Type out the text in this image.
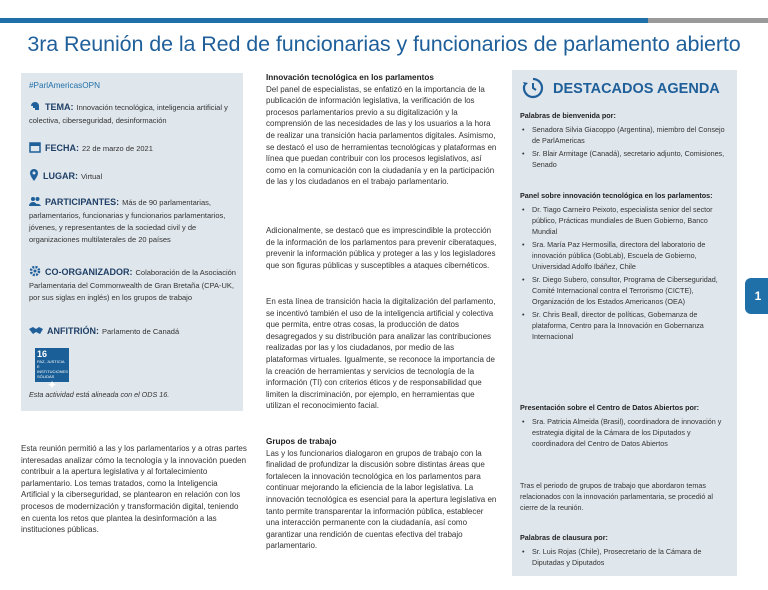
3ra Reunión de la Red de funcionarias y funcionarios de parlamento abierto
#ParlAmericasOPN
TEMA: Innovación tecnológica, inteligencia artificial y colectiva, ciberseguridad, desinformación
FECHA: 22 de marzo de 2021
LUGAR: Virtual
PARTICIPANTES: Más de 90 parlamentarias, parlamentarios, funcionarias y funcionarios parlamentarios, jóvenes, y representantes de la sociedad civil y de organizaciones multilaterales de 20 países
CO-ORGANIZADOR: Colaboración de la Asociación Parlamentaria del Commonwealth de Gran Bretaña (CPA-UK, por sus siglas en inglés) en los grupos de trabajo
ANFITRIÓN: Parlamento de Canadá
16
PAZ, JUSTICIA E INSTITUCIONES SÓLIDAS
✦
Esta actividad está alineada con el ODS 16.
Esta reunión permitió a las y los parlamentarios y a otras partes interesadas analizar cómo la tecnología y la innovación pueden contribuir a la apertura legislativa y al fortalecimiento parlamentario. Los temas tratados, como la Inteligencia Artificial y la ciberseguridad, se plantearon en relación con los procesos de modernización y transformación digital, teniendo en cuenta los retos que plantea la desinformación a las instituciones públicas.
Innovación tecnológica en los parlamentos

Del panel de especialistas, se enfatizó en la importancia de la publicación de información legislativa, la verificación de los procesos parlamentarios previo a su digitalización y la comprensión de las necesidades de las y los usuarios a la hora de realizar una transición hacia parlamentos digitales. Asimismo, se destacó el uso de herramientas tecnológicas y plataformas en línea que puedan contribuir con los procesos legislativos, así como en la comunicación con la ciudadanía y en la participación de las y los ciudadanos en el trabajo parlamentario.

Adicionalmente, se destacó que es imprescindible la protección de la información de los parlamentos para prevenir ciberataques, prevenir la información pública y proteger a las y los legisladores que son figuras públicas y susceptibles a ataques cibernéticos.

En esta línea de transición hacia la digitalización del parlamento, se incentivó también el uso de la inteligencia artificial y colectiva que permita, entre otras cosas, la producción de datos desagregados y su distribución para analizar las contribuciones realizadas por las y los ciudadanos, por medio de las plataformas virtuales. Igualmente, se reconoce la importancia de la creación de herramientas y servicios de tecnología de la información (TI) con criterios éticos y de responsabilidad que limiten la discriminación, por ejemplo, en herramientas que utilizan el reconocimiento facial.

Grupos de trabajo

Las y los funcionarios dialogaron en grupos de trabajo con la finalidad de profundizar la discusión sobre distintas áreas que fortalecen la innovación tecnológica en los parlamentos para continuar mejorando la eficiencia de la labor legislativa. La innovación tecnológica es esencial para la apertura legislativa en tanto permite transparentar la información pública, establecer una interacción permanente con la ciudadanía, así como garantizar una rendición de cuentas efectiva del trabajo parlamentario.

DESTACADOS AGENDA
Palabras de bienvenida por:
• Senadora Silvia Giacoppo (Argentina), miembro del Consejo de ParlAmericas
• Sr. Blair Armitage (Canadá), secretario adjunto, Comisiones, Senado
Panel sobre innovación tecnológica en los parlamentos:
• Dr. Tiago Carneiro Peixoto, especialista senior del sector público, Prácticas mundiales de Buen Gobierno, Banco Mundial
• Sra. María Paz Hermosilla, directora del laboratorio de innovación pública (GobLab), Escuela de Gobierno, Universidad Adolfo Ibáñez, Chile
• Sr. Diego Subero, consultor, Programa de Ciberseguridad, Comité Internacional contra el Terrorismo (CICTE), Organización de los Estados Americanos (OEA)
• Sr. Chris Beall, director de políticas, Gobernanza de plataforma, Centro para la Innovación en Gobernanza Internacional
Presentación sobre el Centro de Datos Abiertos por:
• Sra. Patricia Almeida (Brasil), coordinadora de innovación y estrategia digital de la Cámara de los Diputados y coordinadora del Centro de Datos Abiertos
Tras el periodo de grupos de trabajo que abordaron temas relacionados con la innovación parlamentaria, se procedió al cierre de la reunión.
Palabras de clausura por:
• Sr. Luis Rojas (Chile), Prosecretario de la Cámara de Diputadas y Diputados
1
